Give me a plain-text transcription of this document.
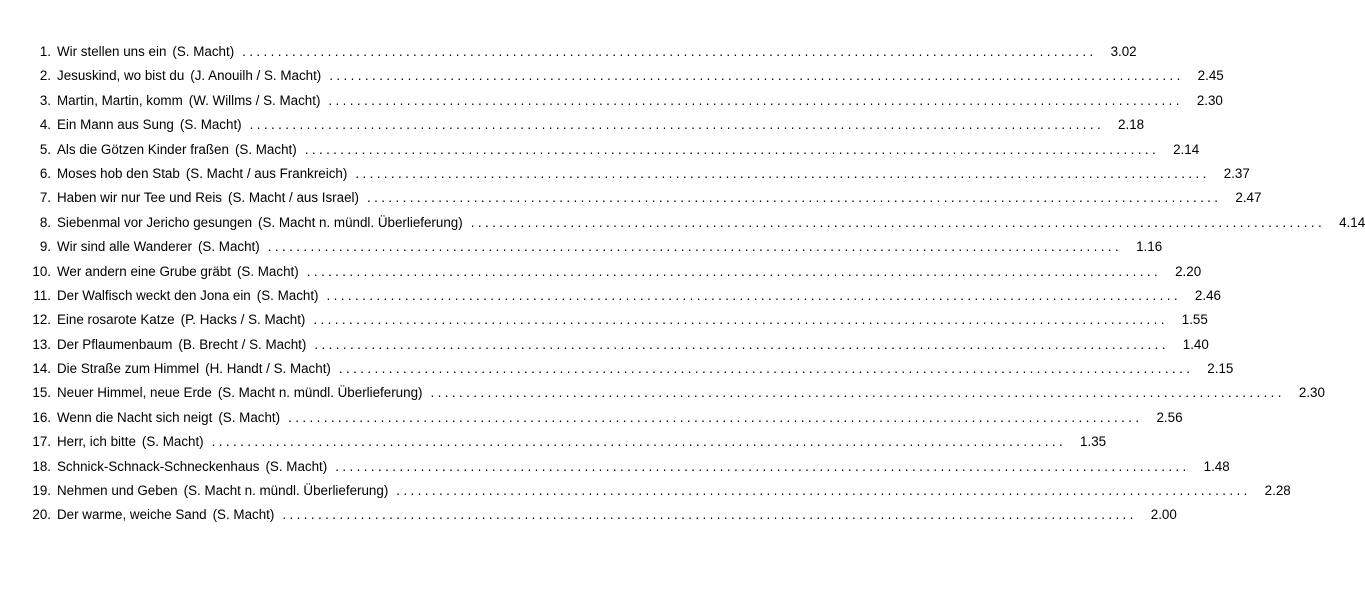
1. Wir stellen uns ein (S. Macht) ........................................................................................................................	3.02
2. Jesuskind, wo bist du (J. Anouilh / S. Macht) ........................................................................................................................	2.45
3. Martin, Martin, komm (W. Willms / S. Macht) ........................................................................................................................	2.30
4. Ein Mann aus Sung (S. Macht) ........................................................................................................................	2.18
5. Als die Götzen Kinder fraßen (S. Macht) ........................................................................................................................	2.14
6. Moses hob den Stab (S. Macht / aus Frankreich) ........................................................................................................................	2.37
7. Haben wir nur Tee und Reis (S. Macht / aus Israel) ........................................................................................................................	2.47
8. Siebenmal vor Jericho gesungen (S. Macht n. mündl. Überlieferung) ........................................................................................................................	4.14
9. Wir sind alle Wanderer (S. Macht) ........................................................................................................................	1.16
10. Wer andern eine Grube gräbt (S. Macht) ........................................................................................................................	2.20
11. Der Walfisch weckt den Jona ein (S. Macht) ........................................................................................................................	2.46
12. Eine rosarote Katze (P. Hacks / S. Macht) ........................................................................................................................	1.55
13. Der Pflaumenbaum (B. Brecht / S. Macht) ........................................................................................................................	1.40
14. Die Straße zum Himmel (H. Handt / S. Macht) ........................................................................................................................	2.15
15. Neuer Himmel, neue Erde (S. Macht n. mündl. Überlieferung) ........................................................................................................................	2.30
16. Wenn die Nacht sich neigt (S. Macht) ........................................................................................................................	2.56
17. Herr, ich bitte (S. Macht) ........................................................................................................................	1.35
18. Schnick-Schnack-Schneckenhaus (S. Macht) ........................................................................................................................	1.48
19. Nehmen und Geben (S. Macht n. mündl. Überlieferung) ........................................................................................................................	2.28
20. Der warme, weiche Sand (S. Macht) ........................................................................................................................	2.00
